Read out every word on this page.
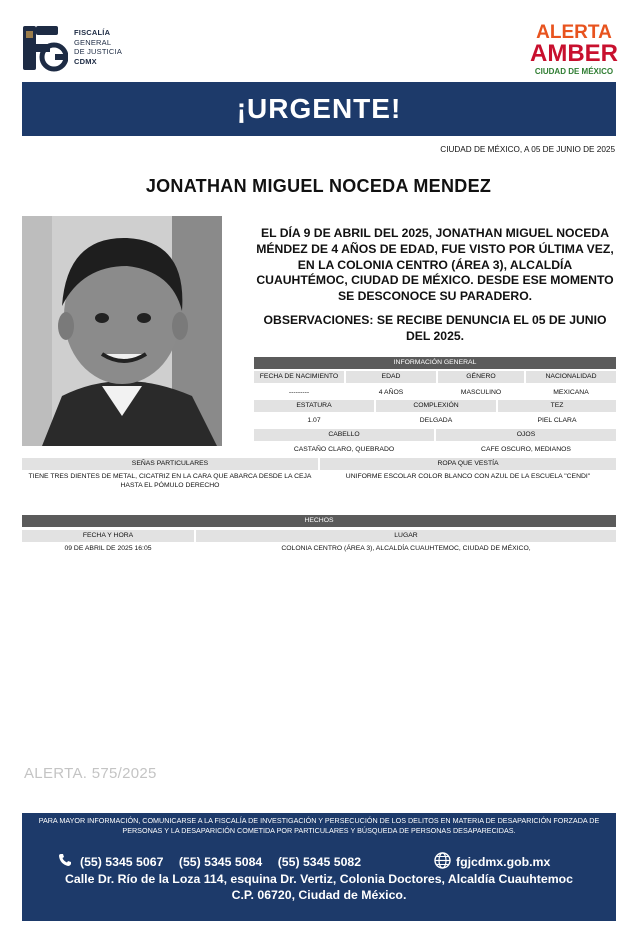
FISCALÍA
GENERAL
DE JUSTICIA
CDMX
ALERTA
AMBER
CIUDAD DE MÉXICO
¡URGENTE!
CIUDAD DE MÉXICO, A 05 DE JUNIO DE 2025
JONATHAN MIGUEL NOCEDA MENDEZ
EL DÍA 9 DE ABRIL DEL 2025, JONATHAN MIGUEL NOCEDA MÉNDEZ DE 4 AÑOS DE EDAD, FUE VISTO POR ÚLTIMA VEZ, EN LA COLONIA CENTRO (ÁREA 3), ALCALDÍA CUAUHTÉMOC, CIUDAD DE MÉXICO. DESDE ESE MOMENTO SE DESCONOCE SU PARADERO.
OBSERVACIONES: SE RECIBE DENUNCIA EL 05 DE JUNIO DEL 2025.
INFORMACIÓN GENERAL
FECHA DE NACIMIENTO	EDAD	GÉNERO	NACIONALIDAD
---------	4 AÑOS	MASCULINO	MEXICANA
ESTATURA	COMPLEXIÓN	TEZ
1.07	DELGADA	PIEL CLARA
CABELLO	OJOS
CASTAÑO CLARO, QUEBRADO	CAFE OSCURO, MEDIANOS
SEÑAS PARTICULARES	ROPA QUE VESTÍA
TIENE TRES DIENTES DE METAL, CICATRIZ EN LA CARA QUE ABARCA DESDE LA CEJA HASTA EL PÓMULO DERECHO
UNIFORME ESCOLAR COLOR BLANCO CON AZUL DE LA ESCUELA "CENDI"
HECHOS
FECHA Y HORA	LUGAR
09 DE ABRIL DE 2025 16:05	COLONIA CENTRO (ÁREA 3), ALCALDÍA CUAUHTEMOC, CIUDAD DE MÉXICO,
ALERTA. 575/2025
PARA MAYOR INFORMACIÓN, COMUNICARSE A LA FISCALÍA DE INVESTIGACIÓN Y PERSECUCIÓN DE LOS DELITOS EN MATERIA DE DESAPARICIÓN FORZADA DE PERSONAS Y LA DESAPARICIÓN COMETIDA POR PARTICULARES Y BÚSQUEDA DE PERSONAS DESAPARECIDAS.
(55) 5345 5067 (55) 5345 5084 (55) 5345 5082	fgjcdmx.gob.mx
Calle Dr. Río de la Loza 114, esquina Dr. Vertiz, Colonia Doctores, Alcaldía Cuauhtemoc
C.P. 06720, Ciudad de México.
